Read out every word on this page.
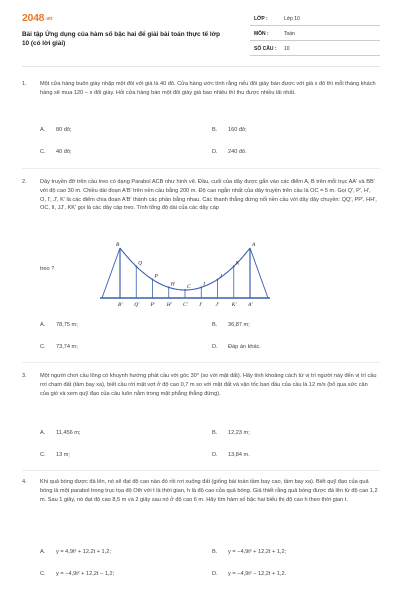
2048.vn
Bài tập Ứng dụng của hàm số bậc hai để giải bài toán thực tế lớp 10 (có lời giải)
LỚP :	Lớp 10
MÔN :	Toán
SỐ CÂU : 10
1. Một cửa hàng buôn giày nhập một đôi với giá là 40 đô. Cửa hàng ước tính rằng nếu đôi giày bán được với giá x đô thì mỗi tháng khách hàng sẽ mua 120 − x đôi giày. Hỏi cửa hàng bán một đôi giày giá bao nhiêu thì thu được nhiều lãi nhất.
A. 80 đô;	B. 160 đô;
C. 40 đô;	D. 240 đô.
2. Dây truyền đỡ trên cầu treo có dạng Parabol ACB như hình vẽ. Đầu, cuối của dây được gắn vào các điểm A, B trên mỗi trục AA' và BB' với độ cao 30 m. Chiều dài đoạn A'B' trên nền cầu bằng 200 m. Độ cao ngắn nhất của dây truyền trên cầu là OC = 5 m. Gọi Q', P', H', O, I', J', K' là các điểm chia đoạn A'B' thành các phần bằng nhau. Các thanh thẳng đứng nối nền cầu với dây dây chuyền: QQ', PP', HH', OC, II, JJ', KK' gọi là các dây cáp treo. Tính tổng độ dài của các dây cáp
treo ?
B
B'
Q
Q'
P
P'
H
H'
C
C'
I
I'
J
J'
K
K'
A
A'
A. 78,75 m;	B. 36,87 m;
C. 73,74 m;	D. Đáp án khác.
3. Một người chơi cầu lông có khuynh hướng phát cầu với góc 30° (so với mặt đất). Hãy tính khoảng cách từ vị trí người này đến vị trí cầu rơi chạm đất (tầm bay xa), biết cầu rời mặt vợt ở độ cao 0,7 m so với mặt đất và vận tốc ban đầu của cầu là 12 m/s (bỏ qua sức cản của gió và xem quỹ đạo của cầu luôn nằm trong mặt phẳng thẳng đứng).
A. 11,456 m;	B. 12,23 m;
C. 13 m;	D. 13,84 m.
4. Khi quả bóng được đá lên, nó sẽ đạt độ cao nào đó rồi rơi xuống đất (giống bài toán tầm bay cao, tầm bay xa). Biết quỹ đạo của quả bóng là một parabol trong trục tọa độ Oth với t là thời gian, h là độ cao của quả bóng. Giả thiết rằng quả bóng được đá lên từ độ cao 1,2 m. Sau 1 giây, nó đạt độ cao 8,5 m và 2 giây sau nó ở độ cao 6 m. Hãy tìm hàm số bậc hai biểu thị độ cao h theo thời gian t.
A. y = 4,9t² + 12,2t + 1,2;	B. y = −4,9t² + 12,2t + 1,2;
C. y = −4,9t² + 12,2t − 1,2;	D. y = −4,9t² − 12,2t + 1,2.
